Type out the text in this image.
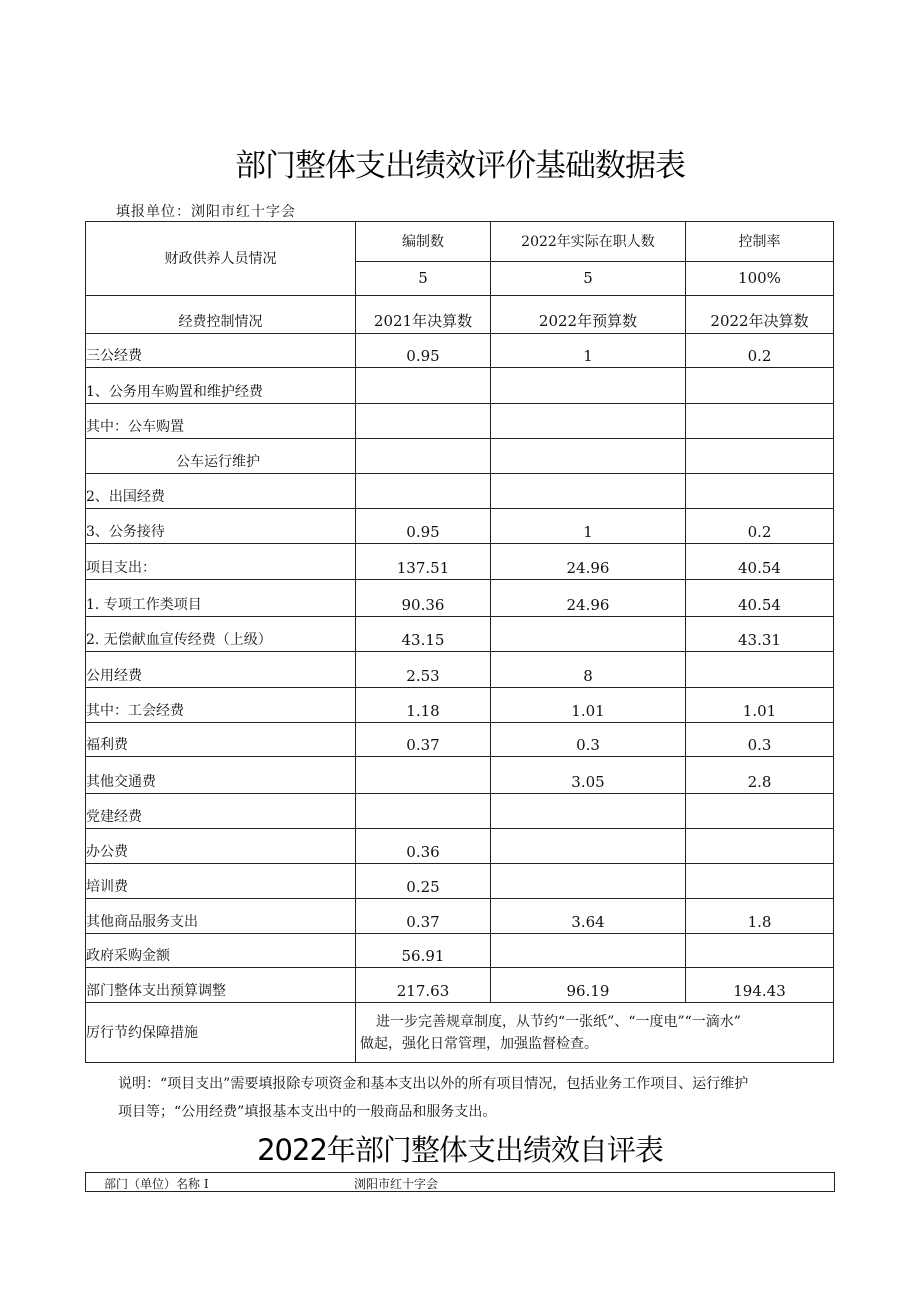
部门整体支出绩效评价基础数据表
填报单位：浏阳市红十字会
财政供养人员情况	编制数	2022年实际在职人数	控制率
	5	5	100%
经费控制情况	2021年决算数	2022年预算数	2022年决算数
三公经费	0.95	1	0.2
1、公务用车购置和维护经费			
其中：公车购置			
公车运行维护			
2、出国经费			
3、公务接待	0.95	1	0.2
项目支出：	137.51	24.96	40.54
1. 专项工作类项目	90.36	24.96	40.54
2. 无偿献血宣传经费（上级）	43.15		43.31
公用经费	2.53	8	
其中：工会经费	1.18	1.01	1.01
福利费	0.37	0.3	0.3
其他交通费		3.05	2.8
党建经费			
办公费	0.36		
培训费	0.25		
其他商品服务支出	0.37	3.64	1.8
政府采购金额	56.91		
部门整体支出预算调整	217.63	96.19	194.43
厉行节约保障措施	进一步完善规章制度，从节约“一张纸”、“一度电”“一滴水”
做起，强化日常管理，加强监督检查。		
说明：“项目支出”需要填报除专项资金和基本支出以外的所有项目情况，包括业务工作项目、运行维护
项目等；“公用经费”填报基本支出中的一般商品和服务支出。
2022年部门整体支出绩效自评表
部门（单位）名称 I	浏阳市红十字会
